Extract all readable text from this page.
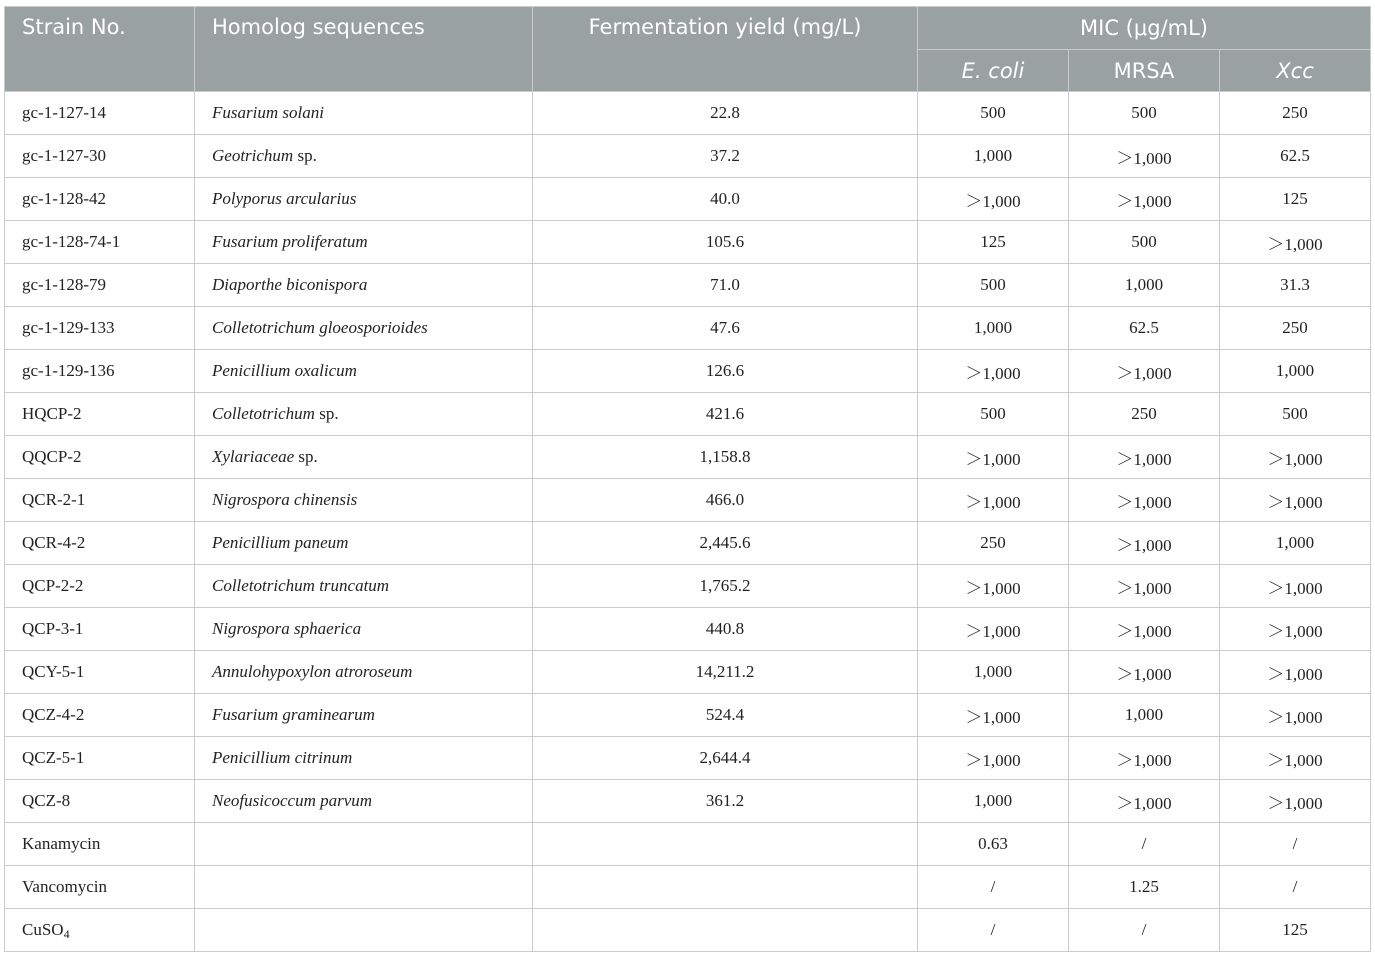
Strain No.	Homolog sequences	Fermentation yield (mg/L)	MIC (μg/mL)		
			E. coli	MRSA	Xcc
gc-1-127-14	Fusarium solani	22.8	500	500	250
gc-1-127-30	Geotrichum sp.	37.2	1,000	＞1,000	62.5
gc-1-128-42	Polyporus arcularius	40.0	＞1,000	＞1,000	125
gc-1-128-74-1	Fusarium proliferatum	105.6	125	500	＞1,000
gc-1-128-79	Diaporthe biconispora	71.0	500	1,000	31.3
gc-1-129-133	Colletotrichum gloeosporioides	47.6	1,000	62.5	250
gc-1-129-136	Penicillium oxalicum	126.6	＞1,000	＞1,000	1,000
HQCP-2	Colletotrichum sp.	421.6	500	250	500
QQCP-2	Xylariaceae sp.	1,158.8	＞1,000	＞1,000	＞1,000
QCR-2-1	Nigrospora chinensis	466.0	＞1,000	＞1,000	＞1,000
QCR-4-2	Penicillium paneum	2,445.6	250	＞1,000	1,000
QCP-2-2	Colletotrichum truncatum	1,765.2	＞1,000	＞1,000	＞1,000
QCP-3-1	Nigrospora sphaerica	440.8	＞1,000	＞1,000	＞1,000
QCY-5-1	Annulohypoxylon atroroseum	14,211.2	1,000	＞1,000	＞1,000
QCZ-4-2	Fusarium graminearum	524.4	＞1,000	1,000	＞1,000
QCZ-5-1	Penicillium citrinum	2,644.4	＞1,000	＞1,000	＞1,000
QCZ-8	Neofusicoccum parvum	361.2	1,000	＞1,000	＞1,000
Kanamycin			0.63	/	/
Vancomycin			/	1.25	/
CuSO$_4$			/	/	125
